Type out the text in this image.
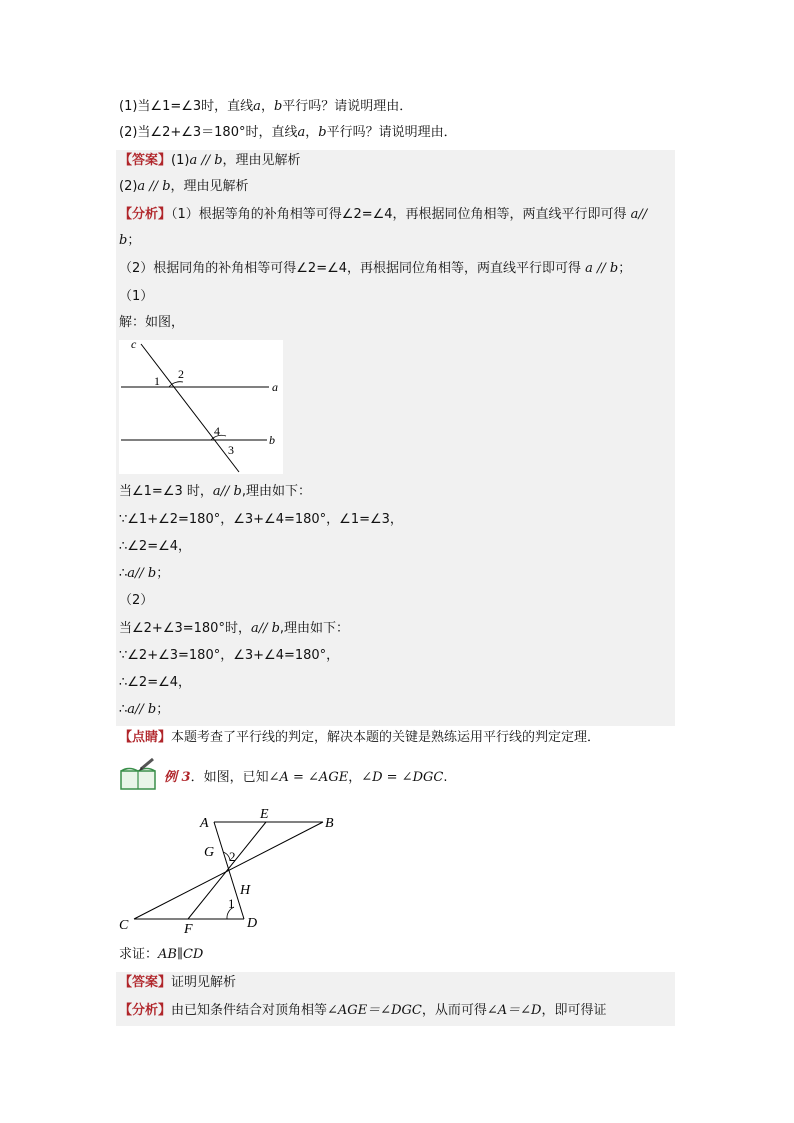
(1)当∠1=∠3时，直线a，b平行吗？请说明理由．
(2)当∠2+∠3＝180°时，直线a，b平行吗？请说明理由．
【答案】(1)a // b，理由见解析
(2)a // b，理由见解析
【分析】（1）根据等角的补角相等可得∠2=∠4，再根据同位角相等，两直线平行即可得 a//
b；
（2）根据同角的补角相等可得∠2=∠4，再根据同位角相等，两直线平行即可得 a // b；
（1）
解：如图，
c
a
b
1 2
4
3
当∠1=∠3 时，a// b,理由如下：
∵∠1+∠2=180°，∠3+∠4=180°，∠1=∠3，
∴∠2=∠4，
∴a// b；
（2）
当∠2+∠3=180°时，a// b,理由如下：
∵∠2+∠3=180°，∠3+∠4=180°，
∴∠2=∠4，
∴a// b；
【点睛】本题考查了平行线的判定，解决本题的关键是熟练运用平行线的判定定理．
例 3．如图，已知∠A = ∠AGE，∠D = ∠DGC.
A
E
B
G 2
H
1
C	F	D
求证：AB∥CD
【答案】证明见解析
【分析】由已知条件结合对顶角相等∠AGE＝∠DGC，从而可得∠A＝∠D，即可得证
